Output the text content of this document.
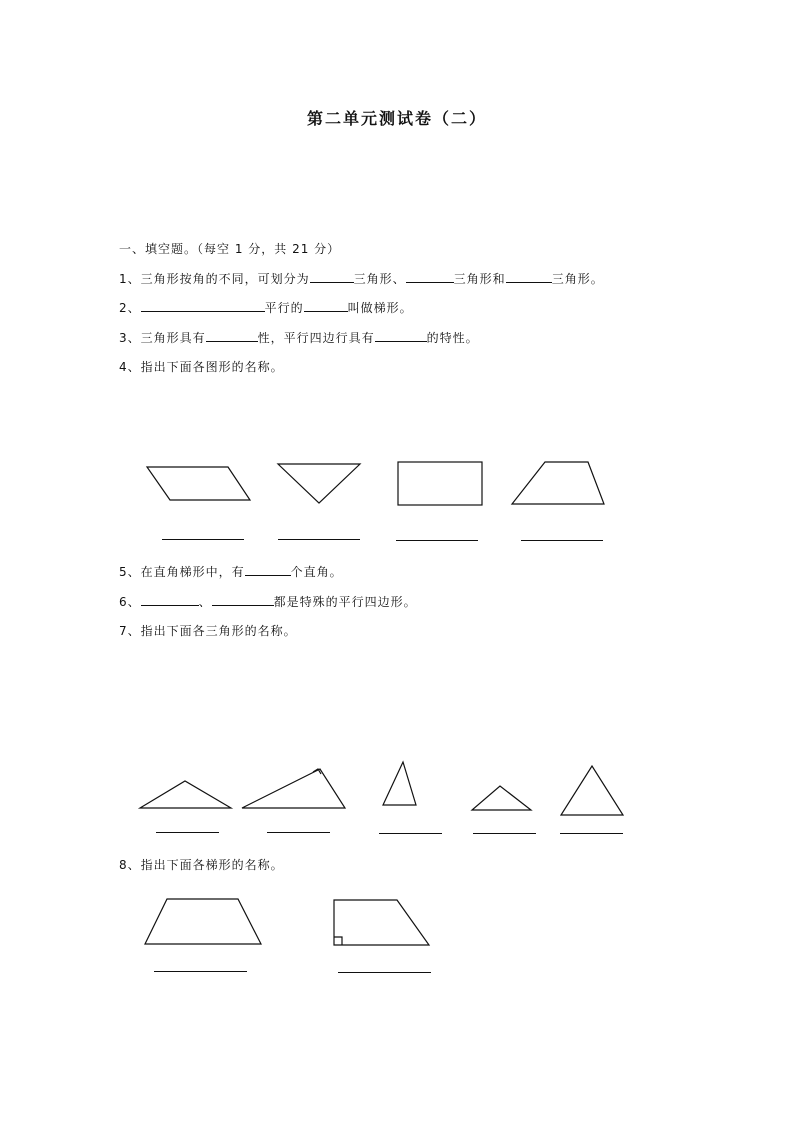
第二单元测试卷（二）
一、填空题。（每空 1 分，共 21 分）
1、三角形按角的不同，可划分为	三角形、	三角形和	三角形。
2、	平行的	叫做梯形。
3、三角形具有	性，平行四边行具有	的特性。
4、指出下面各图形的名称。
5、在直角梯形中，有	个直角。
6、	、	都是特殊的平行四边形。
7、指出下面各三角形的名称。
8、指出下面各梯形的名称。
